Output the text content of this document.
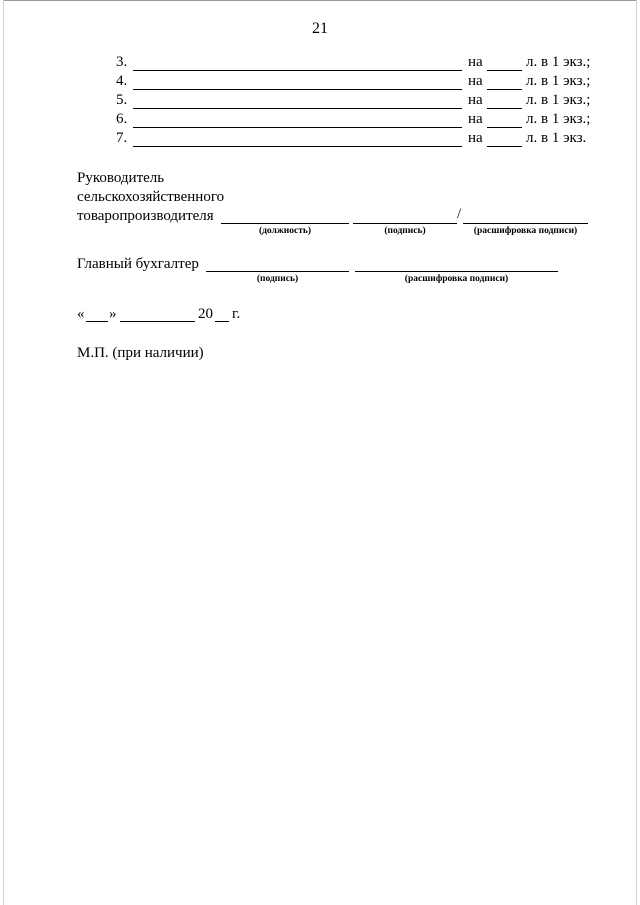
21
3.	на	л. в 1 экз.;
4.	на	л. в 1 экз.;
5.	на	л. в 1 экз.;
6.	на	л. в 1 экз.;
7.	на	л. в 1 экз.
Руководитель
сельскохозяйственного
товаропроизводителя	/
(должность)	(подпись)	(расшифровка подписи)
Главный бухгалтер
(подпись)	(расшифровка подписи)
« »	20 г.
М.П. (при наличии)
